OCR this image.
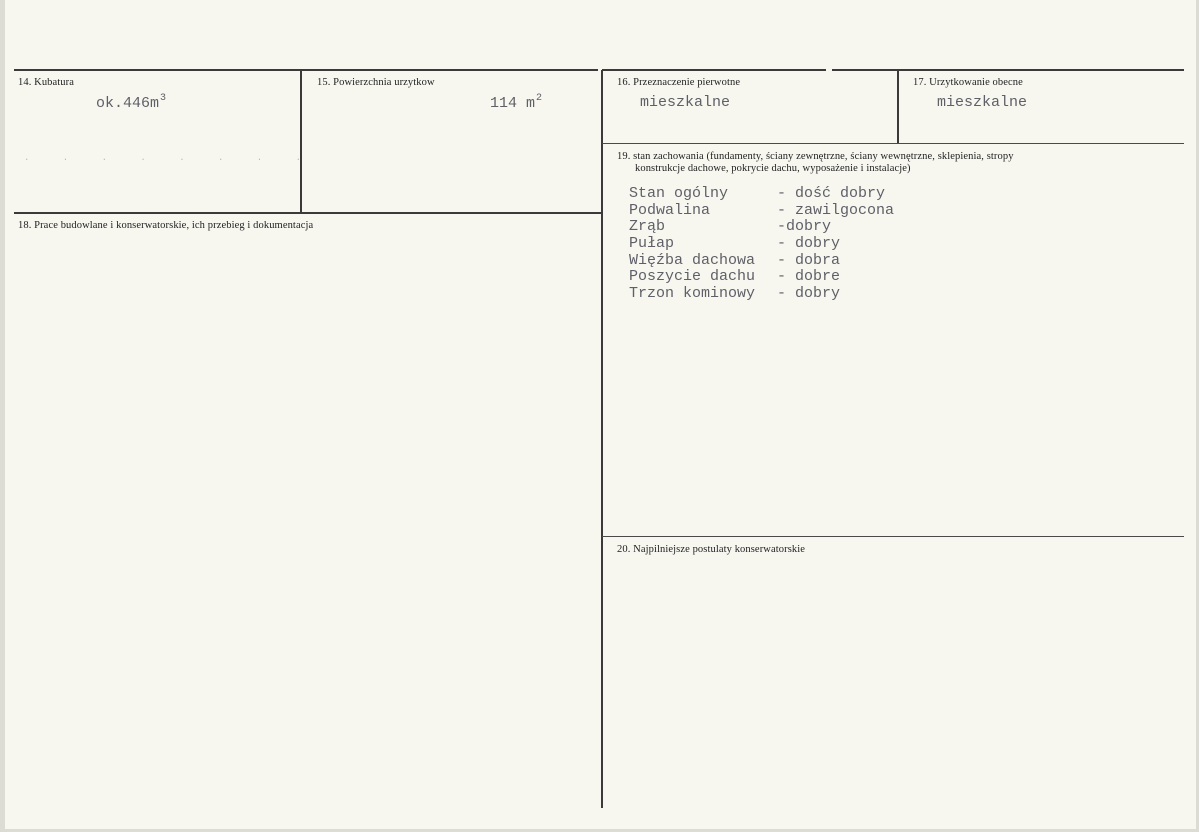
14. Kubatura
$ok.446m^3$
· · · · · · · ·
15. Powierzchnia urzytkow
114 $m^2$
16. Przeznaczenie pierwotne
mieszkalne
17. Urzytkowanie obecne
mieszkalne
18. Prace budowlane i konserwatorskie, ich przebieg i dokumentacja
19. stan zachowania (fundamenty, ściany zewnętrzne, ściany wewnętrzne, sklepienia, stropy
konstrukcje dachowe, pokrycie dachu, wyposażenie i instalacje)
Stan ogólny	- dość dobry
Podwalina	- zawilgocona
Zrąb	-dobry
Pułap	- dobry
Więźba dachowa - dobra
Poszycie dachu - dobre
Trzon kominowy - dobry
20. Najpilniejsze postulaty konserwatorskie
